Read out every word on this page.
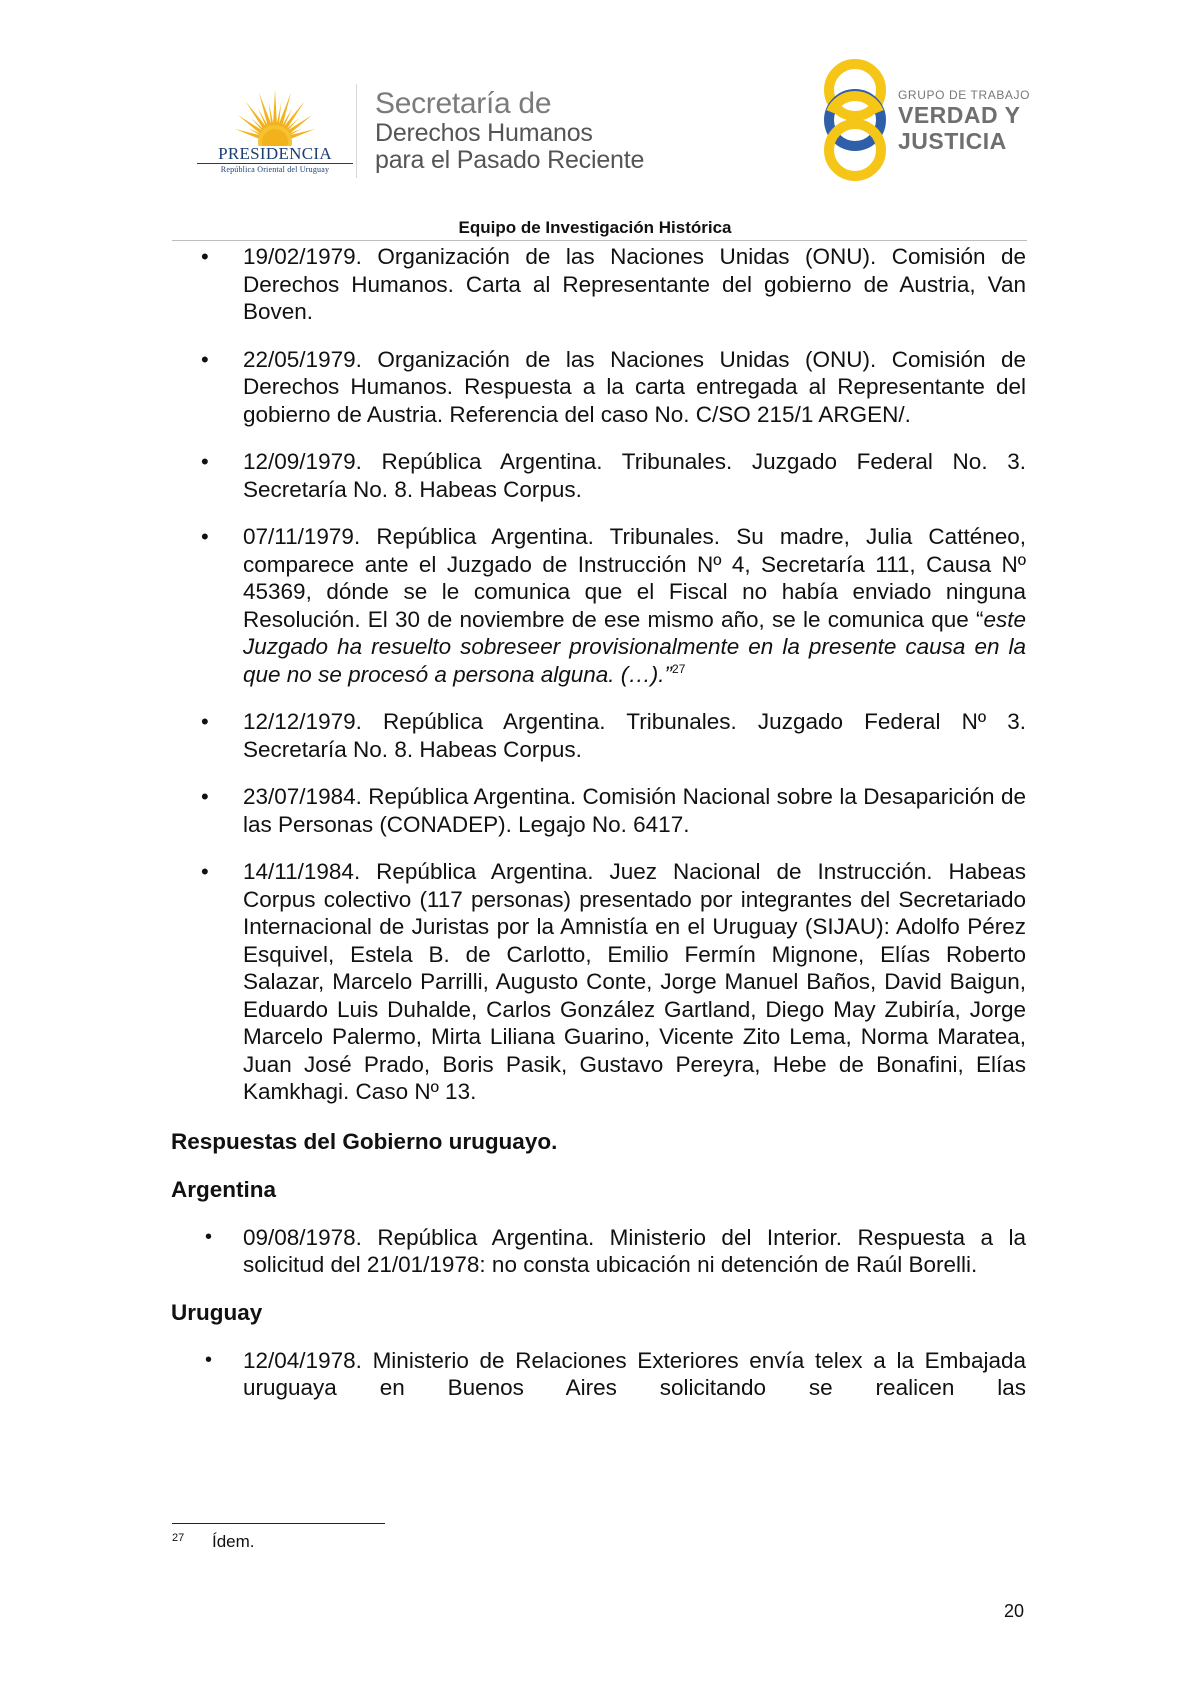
PRESIDENCIA
República Oriental del Uruguay
Secretaría de
Derechos Humanos
para el Pasado Reciente
GRUPO DE TRABAJO
VERDAD Y
JUSTICIA
Equipo de Investigación Histórica
• 19/02/1979. Organización de las Naciones Unidas (ONU). Comisión de Derechos Humanos. Carta al Representante del gobierno de Austria, Van Boven.
• 22/05/1979. Organización de las Naciones Unidas (ONU). Comisión de Derechos Humanos. Respuesta a la carta entregada al Representante del gobierno de Austria. Referencia del caso No. C/SO 215/1 ARGEN/.
• 12/09/1979. República Argentina. Tribunales. Juzgado Federal No. 3. Secretaría No. 8. Habeas Corpus.
• 07/11/1979. República Argentina. Tribunales. Su madre, Julia Catténeo, comparece ante el Juzgado de Instrucción Nº 4, Secretaría 111, Causa Nº 45369, dónde se le comunica que el Fiscal no había enviado ninguna Resolución. El 30 de noviembre de ese mismo año, se le comunica que “este Juzgado ha resuelto sobreseer provisionalmente en la presente causa en la que no se procesó a persona alguna. (…).”$^{27}$
• 12/12/1979. República Argentina. Tribunales. Juzgado Federal Nº 3. Secretaría No. 8. Habeas Corpus.
• 23/07/1984. República Argentina. Comisión Nacional sobre la Desaparición de las Personas (CONADEP). Legajo No. 6417.
• 14/11/1984. República Argentina. Juez Nacional de Instrucción. Habeas Corpus colectivo (117 personas) presentado por integrantes del Secretariado Internacional de Juristas por la Amnistía en el Uruguay (SIJAU): Adolfo Pérez Esquivel, Estela B. de Carlotto, Emilio Fermín Mignone, Elías Roberto Salazar, Marcelo Parrilli, Augusto Conte, Jorge Manuel Baños, David Baigun, Eduardo Luis Duhalde, Carlos González Gartland, Diego May Zubiría, Jorge Marcelo Palermo, Mirta Liliana Guarino, Vicente Zito Lema, Norma Maratea, Juan José Prado, Boris Pasik, Gustavo Pereyra, Hebe de Bonafini, Elías Kamkhagi. Caso Nº 13.
Respuestas del Gobierno uruguayo.
Argentina
• 09/08/1978. República Argentina. Ministerio del Interior. Respuesta a la solicitud del 21/01/1978: no consta ubicación ni detención de Raúl Borelli.
Uruguay
• 12/04/1978. Ministerio de Relaciones Exteriores envía telex a la Embajada uruguaya en Buenos Aires solicitando se realicen las
27 Ídem.
20
